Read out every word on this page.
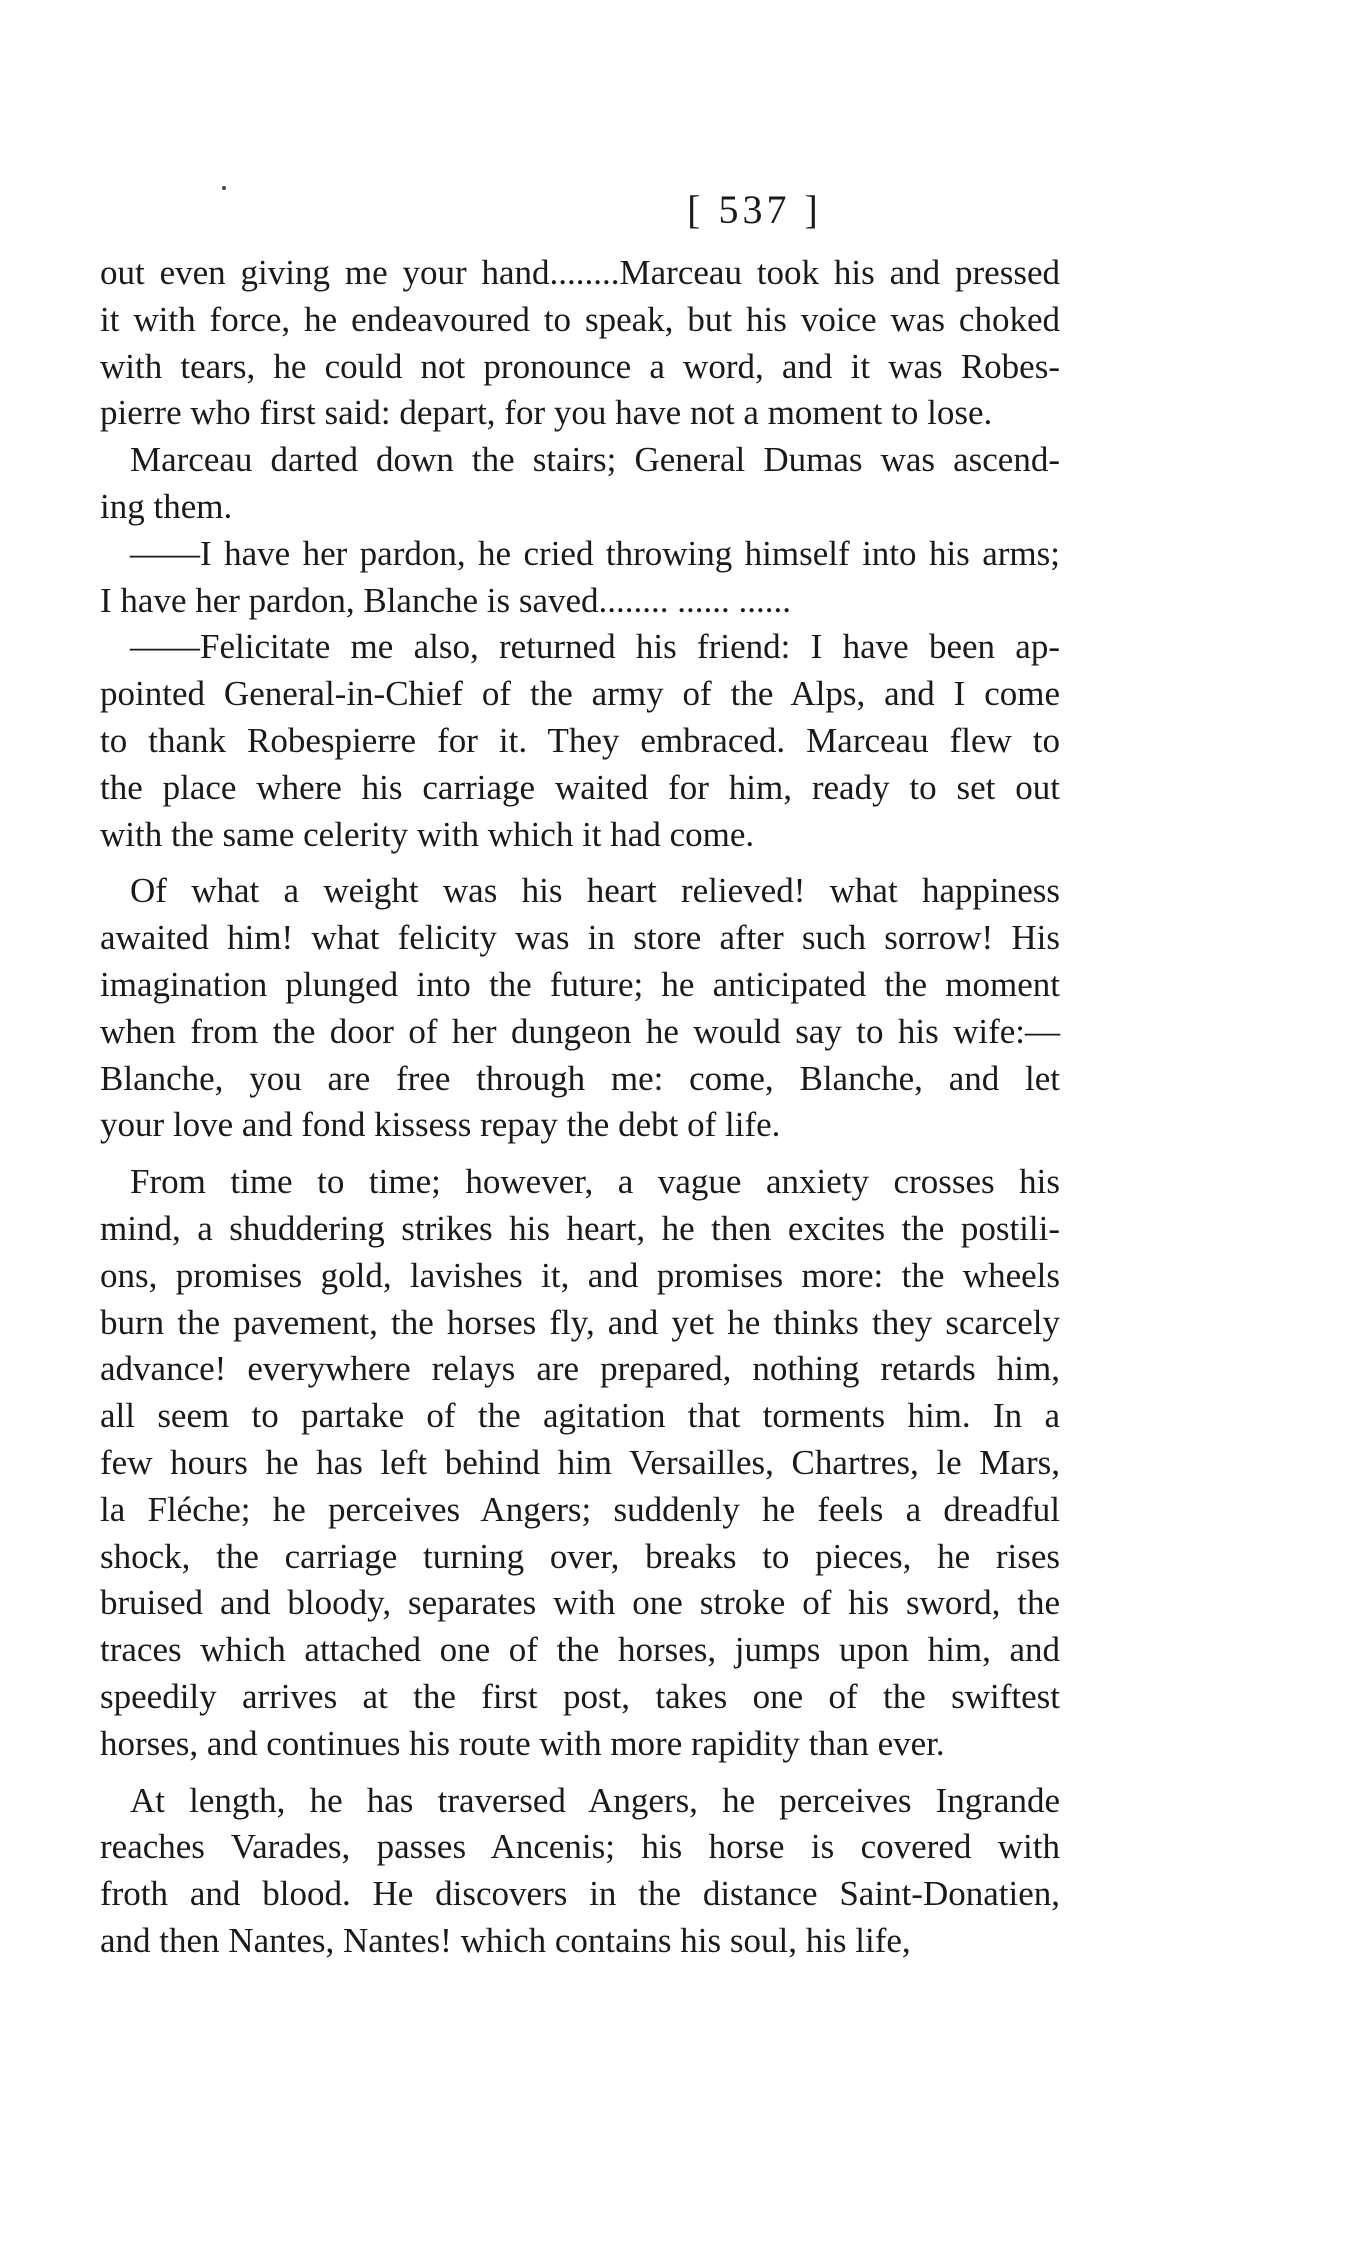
[ 537 ]
out even giving me your hand........Marceau took his and pressed
it with force, he endeavoured to speak, but his voice was choked
with tears, he could not pronounce a word, and it was Robes-
pierre who first said: depart, for you have not a moment to lose.
Marceau darted down the stairs; General Dumas was ascend-
ing them.
——I have her pardon, he cried throwing himself into his arms;
I have her pardon, Blanche is saved........ ...... ......
——Felicitate me also, returned his friend: I have been ap-
pointed General-in-Chief of the army of the Alps, and I come
to thank Robespierre for it. They embraced. Marceau flew to
the place where his carriage waited for him, ready to set out
with the same celerity with which it had come.
Of what a weight was his heart relieved! what happiness
awaited him! what felicity was in store after such sorrow! His
imagination plunged into the future; he anticipated the moment
when from the door of her dungeon he would say to his wife:—
Blanche, you are free through me: come, Blanche, and let
your love and fond kissess repay the debt of life.
From time to time; however, a vague anxiety crosses his
mind, a shuddering strikes his heart, he then excites the postili-
ons, promises gold, lavishes it, and promises more: the wheels
burn the pavement, the horses fly, and yet he thinks they scarcely
advance! everywhere relays are prepared, nothing retards him,
all seem to partake of the agitation that torments him. In a
few hours he has left behind him Versailles, Chartres, le Mars,
la Fléche; he perceives Angers; suddenly he feels a dreadful
shock, the carriage turning over, breaks to pieces, he rises
bruised and bloody, separates with one stroke of his sword, the
traces which attached one of the horses, jumps upon him, and
speedily arrives at the first post, takes one of the swiftest
horses, and continues his route with more rapidity than ever.
At length, he has traversed Angers, he perceives Ingrande
reaches Varades, passes Ancenis; his horse is covered with
froth and blood. He discovers in the distance Saint-Donatien,
and then Nantes, Nantes! which contains his soul, his life,
